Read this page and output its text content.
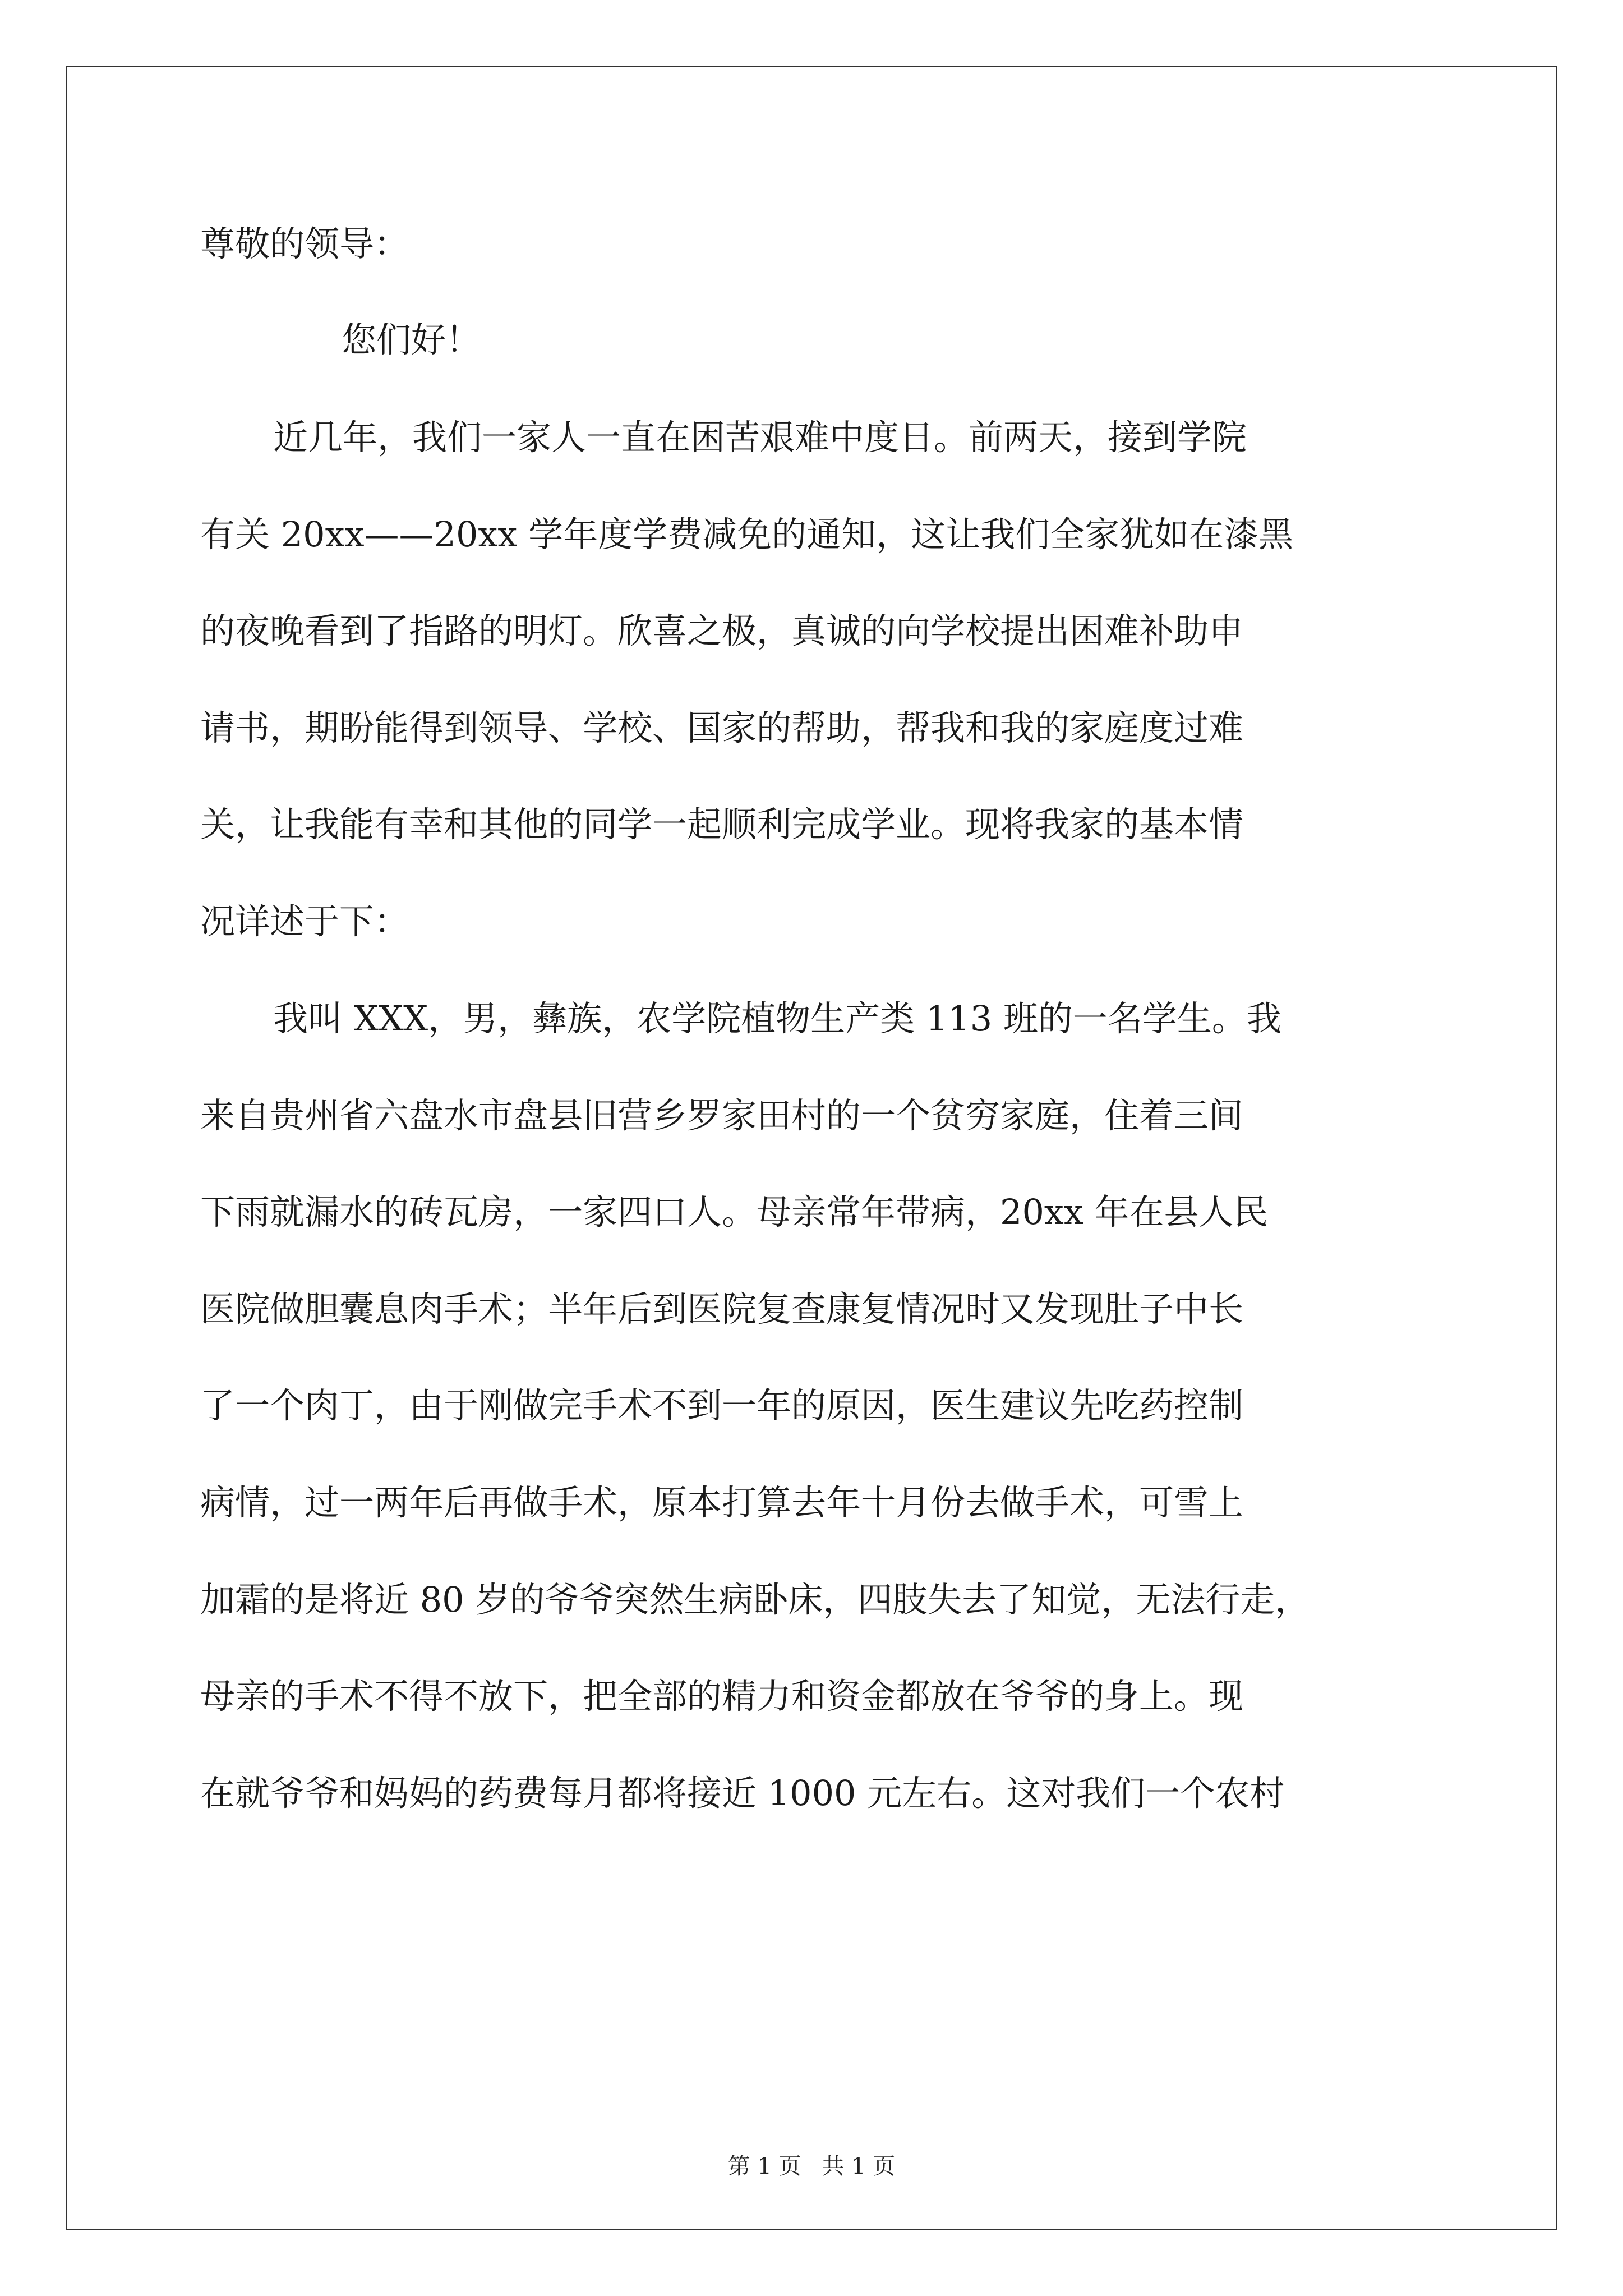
尊敬的领导：
您们好！
近几年，我们一家人一直在困苦艰难中度日。前两天，接到学院
有关 20xx——20xx 学年度学费减免的通知，这让我们全家犹如在漆黑
的夜晚看到了指路的明灯。欣喜之极，真诚的向学校提出困难补助申
请书，期盼能得到领导、学校、国家的帮助，帮我和我的家庭度过难
关，让我能有幸和其他的同学一起顺利完成学业。现将我家的基本情
况详述于下：
我叫 XXX，男，彝族，农学院植物生产类 113 班的一名学生。我
来自贵州省六盘水市盘县旧营乡罗家田村的一个贫穷家庭，住着三间
下雨就漏水的砖瓦房，一家四口人。母亲常年带病，20xx 年在县人民
医院做胆囊息肉手术；半年后到医院复查康复情况时又发现肚子中长
了一个肉丁，由于刚做完手术不到一年的原因，医生建议先吃药控制
病情，过一两年后再做手术，原本打算去年十月份去做手术，可雪上
加霜的是将近 80 岁的爷爷突然生病卧床，四肢失去了知觉，无法行走，
母亲的手术不得不放下，把全部的精力和资金都放在爷爷的身上。现
在就爷爷和妈妈的药费每月都将接近 1000 元左右。这对我们一个农村
第 1 页 共 1 页
